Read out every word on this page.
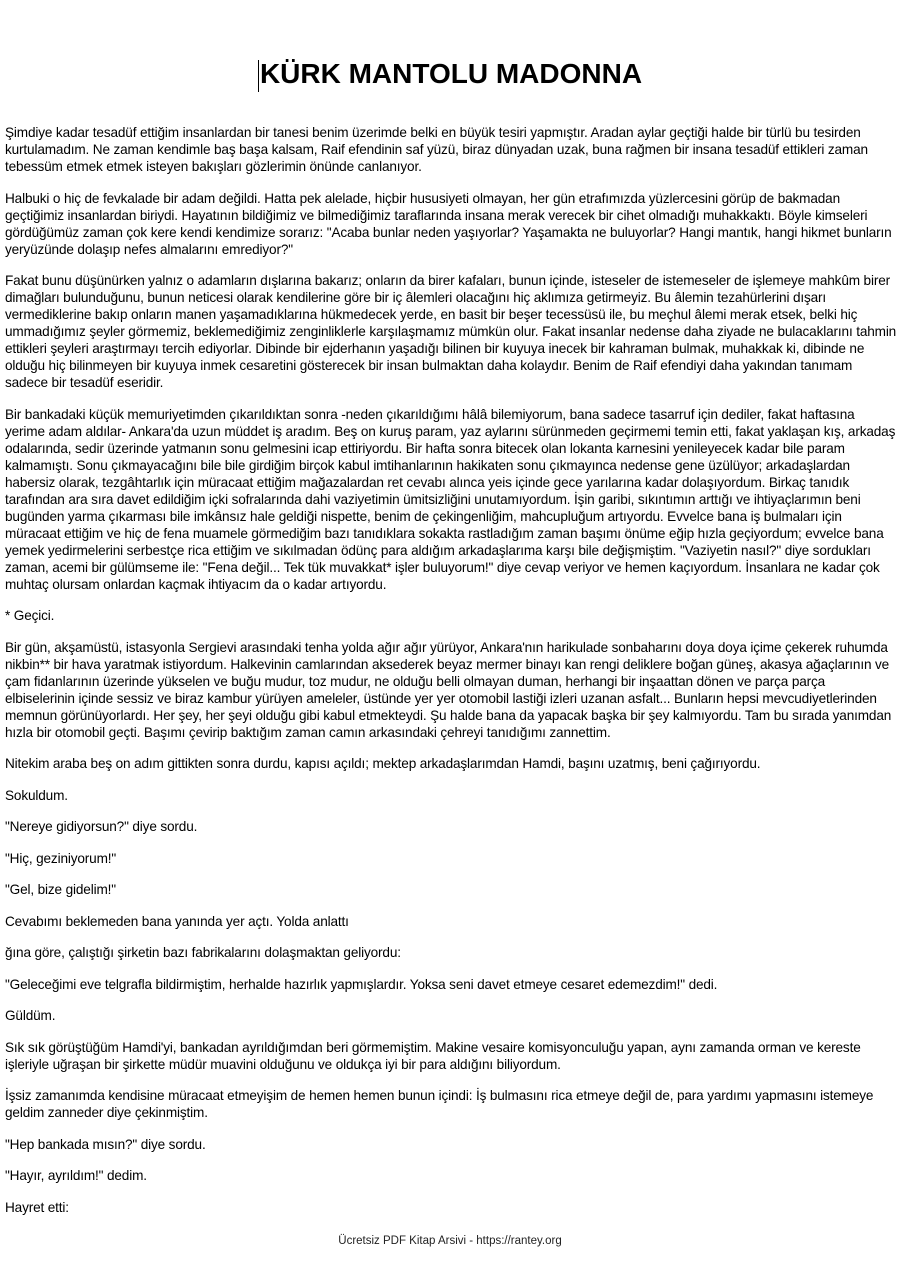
KÜRK MANTOLU MADONNA

Şimdiye kadar tesadüf ettiğim insanlardan bir tanesi benim üzerimde belki en büyük tesiri yapmıştır. Aradan aylar geçtiği halde bir türlü bu tesirden kurtulamadım. Ne zaman kendimle baş başa kalsam, Raif efendinin saf yüzü, biraz dünyadan uzak, buna rağmen bir insana tesadüf ettikleri zaman tebessüm etmek etmek isteyen bakışları gözlerimin önünde canlanıyor.

Halbuki o hiç de fevkalade bir adam değildi. Hatta pek alelade, hiçbir hususiyeti olmayan, her gün etrafımızda yüzlercesini görüp de bakmadan geçtiğimiz insanlardan biriydi. Hayatının bildiğimiz ve bilmediğimiz taraflarında insana merak verecek bir cihet olmadığı muhakkaktı. Böyle kimseleri gördüğümüz zaman çok kere kendi kendimize sorarız: "Acaba bunlar neden yaşıyorlar? Yaşamakta ne buluyorlar? Hangi mantık, hangi hikmet bunların yeryüzünde dolaşıp nefes almalarını emrediyor?"

Fakat bunu düşünürken yalnız o adamların dışlarına bakarız; onların da birer kafaları, bunun içinde, isteseler de istemeseler de işlemeye mahkûm birer dimağları bulunduğunu, bunun neticesi olarak kendilerine göre bir iç âlemleri olacağını hiç aklımıza getirmeyiz. Bu âlemin tezahürlerini dışarı vermediklerine bakıp onların manen yaşamadıklarına hükmedecek yerde, en basit bir beşer tecessüsü ile, bu meçhul âlemi merak etsek, belki hiç ummadığımız şeyler görmemiz, beklemediğimiz zenginliklerle karşılaşmamız mümkün olur. Fakat insanlar nedense daha ziyade ne bulacaklarını tahmin ettikleri şeyleri araştırmayı tercih ediyorlar. Dibinde bir ejderhanın yaşadığı bilinen bir kuyuya inecek bir kahraman bulmak, muhakkak ki, dibinde ne olduğu hiç bilinmeyen bir kuyuya inmek cesaretini gösterecek bir insan bulmaktan daha kolaydır. Benim de Raif efendiyi daha yakından tanımam sadece bir tesadüf eseridir.

Bir bankadaki küçük memuriyetimden çıkarıldıktan sonra -neden çıkarıldığımı hâlâ bilemiyorum, bana sadece tasarruf için dediler, fakat haftasına yerime adam aldılar- Ankara'da uzun müddet iş aradım. Beş on kuruş param, yaz aylarını sürünmeden geçirmemi temin etti, fakat yaklaşan kış, arkadaş odalarında, sedir üzerinde yatmanın sonu gelmesini icap ettiriyordu. Bir hafta sonra bitecek olan lokanta karnesini yenileyecek kadar bile param kalmamıştı. Sonu çıkmayacağını bile bile girdiğim birçok kabul imtihanlarının hakikaten sonu çıkmayınca nedense gene üzülüyor; arkadaşlardan habersiz olarak, tezgâhtarlık için müracaat ettiğim mağazalardan ret cevabı alınca yeis içinde gece yarılarına kadar dolaşıyordum. Birkaç tanıdık tarafından ara sıra davet edildiğim içki sofralarında dahi vaziyetimin ümitsizliğini unutamıyordum. İşin garibi, sıkıntımın arttığı ve ihtiyaçlarımın beni bugünden yarma çıkarması bile imkânsız hale geldiği nispette, benim de çekingenliğim, mahcupluğum artıyordu. Evvelce bana iş bulmaları için müracaat ettiğim ve hiç de fena muamele görmediğim bazı tanıdıklara sokakta rastladığım zaman başımı önüme eğip hızla geçiyordum; evvelce bana yemek yedirmelerini serbestçe rica ettiğim ve sıkılmadan ödünç para aldığım arkadaşlarıma karşı bile değişmiştim. "Vaziyetin nasıl?" diye sordukları zaman, acemi bir gülümseme ile: "Fena değil... Tek tük muvakkat* işler buluyorum!" diye cevap veriyor ve hemen kaçıyordum. İnsanlara ne kadar çok muhtaç olursam onlardan kaçmak ihtiyacım da o kadar artıyordu.

* Geçici.

Bir gün, akşamüstü, istasyonla Sergievi arasındaki tenha yolda ağır ağır yürüyor, Ankara'nın harikulade sonbaharını doya doya içime çekerek ruhumda nikbin** bir hava yaratmak istiyordum. Halkevinin camlarından aksederek beyaz mermer binayı kan rengi deliklere boğan güneş, akasya ağaçlarının ve çam fidanlarının üzerinde yükselen ve buğu mudur, toz mudur, ne olduğu belli olmayan duman, herhangi bir inşaattan dönen ve parça parça elbiselerinin içinde sessiz ve biraz kambur yürüyen ameleler, üstünde yer yer otomobil lastiği izleri uzanan asfalt... Bunların hepsi mevcudiyetlerinden memnun görünüyorlardı. Her şey, her şeyi olduğu gibi kabul etmekteydi. Şu halde bana da yapacak başka bir şey kalmıyordu. Tam bu sırada yanımdan hızla bir otomobil geçti. Başımı çevirip baktığım zaman camın arkasındaki çehreyi tanıdığımı zannettim.

Nitekim araba beş on adım gittikten sonra durdu, kapısı açıldı; mektep arkadaşlarımdan Hamdi, başını uzatmış, beni çağırıyordu.

Sokuldum.

"Nereye gidiyorsun?" diye sordu.

"Hiç, geziniyorum!"

"Gel, bize gidelim!"

Cevabımı beklemeden bana yanında yer açtı. Yolda anlattı

ğına göre, çalıştığı şirketin bazı fabrikalarını dolaşmaktan geliyordu:

"Geleceğimi eve telgrafla bildirmiştim, herhalde hazırlık yapmışlardır. Yoksa seni davet etmeye cesaret edemezdim!" dedi.

Güldüm.

Sık sık görüştüğüm Hamdi'yi, bankadan ayrıldığımdan beri görmemiştim. Makine vesaire komisyonculuğu yapan, aynı zamanda orman ve kereste işleriyle uğraşan bir şirkette müdür muavini olduğunu ve oldukça iyi bir para aldığını biliyordum.

İşsiz zamanımda kendisine müracaat etmeyişim de hemen hemen bunun içindi: İş bulmasını rica etmeye değil de, para yardımı yapmasını istemeye geldim zanneder diye çekinmiştim.

"Hep bankada mısın?" diye sordu.

"Hayır, ayrıldım!" dedim.

Hayret etti:

Ücretsiz PDF Kitap Arsivi - https://rantey.org
